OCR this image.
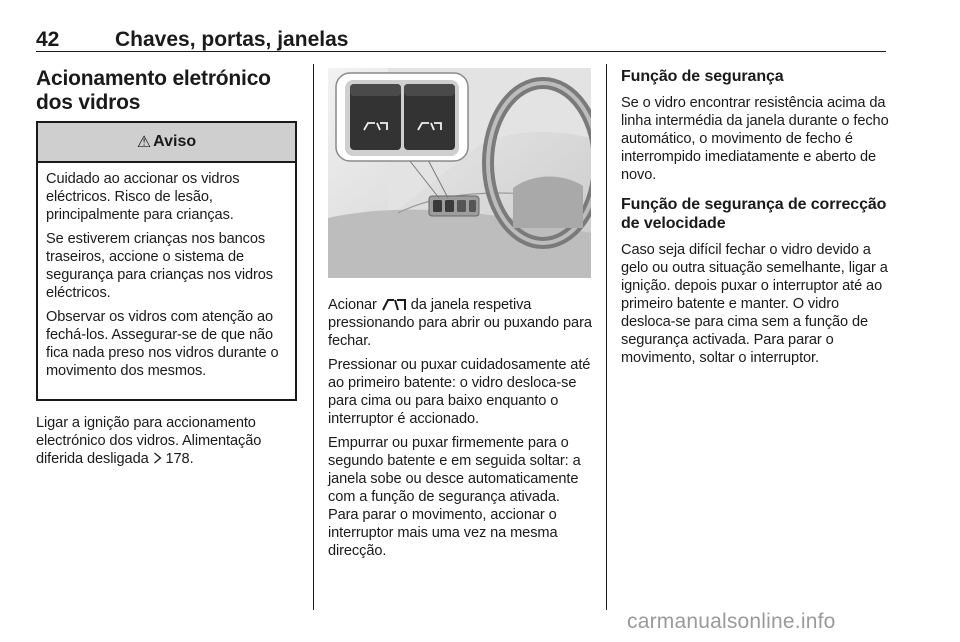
42	Chaves, portas, janelas
Acionamento eletrónico dos vidros
⚠ Aviso

Cuidado ao accionar os vidros eléctricos. Risco de lesão, principalmente para crianças.

Se estiverem crianças nos bancos traseiros, accione o sistema de segurança para crianças nos vidros eléctricos.

Observar os vidros com atenção ao fechá-los. Assegurar-se de que não fica nada preso nos vidros durante o movimento dos mesmos.

Ligar a ignição para accionamento electrónico dos vidros. Alimentação diferida desligada  178.

Acionar  da janela respetiva pressionando para abrir ou puxando para fechar.

Pressionar ou puxar cuidadosamente até ao primeiro batente: o vidro desloca-se para cima ou para baixo enquanto o interruptor é accionado.

Empurrar ou puxar firmemente para o segundo batente e em seguida soltar: a janela sobe ou desce automaticamente com a função de segurança ativada. Para parar o movimento, accionar o interruptor mais uma vez na mesma direcção.

Função de segurança

Se o vidro encontrar resistência acima da linha intermédia da janela durante o fecho automático, o movimento de fecho é interrompido imediatamente e aberto de novo.

Função de segurança de correcção de velocidade

Caso seja difícil fechar o vidro devido a gelo ou outra situação semelhante, ligar a ignição. depois puxar o interruptor até ao primeiro batente e manter. O vidro desloca-se para cima sem a função de segurança activada. Para parar o movimento, soltar o interruptor.

carmanualsonline.info
